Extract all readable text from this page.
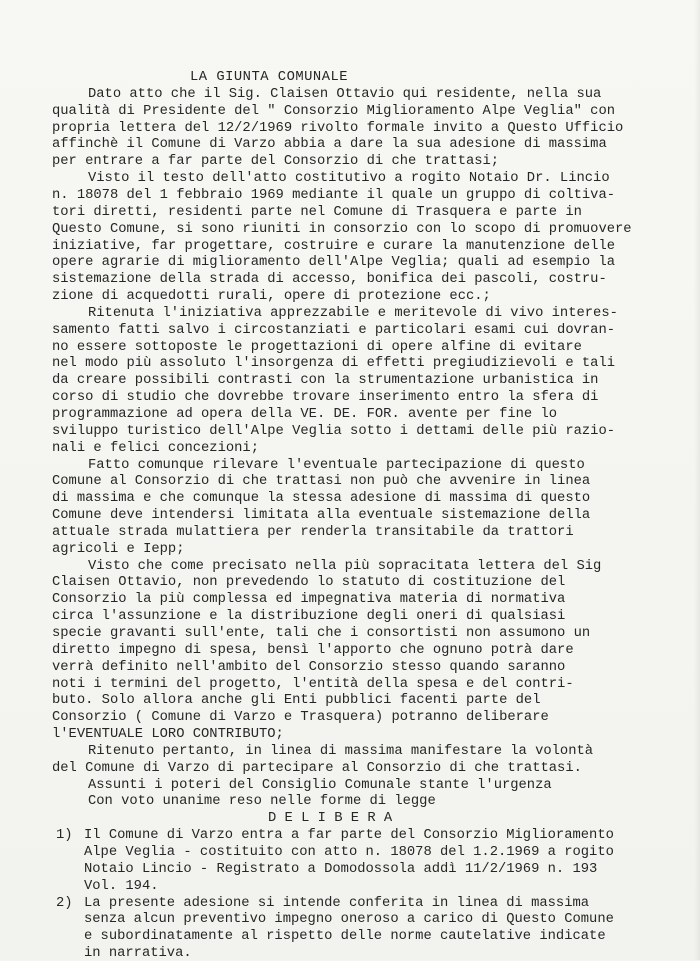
LA GIUNTA COMUNALE

Dato atto che il Sig. Claisen Ottavio qui residente, nella sua

qualità di Presidente del " Consorzio Miglioramento Alpe Veglia" con

propria lettera del 12/2/1969 rivolto formale invito a Questo Ufficio

affinchè il Comune di Varzo abbia a dare la sua adesione di massima

per entrare a far parte del Consorzio di che trattasi;

Visto il testo dell'atto costitutivo a rogito Notaio Dr. Lincio

n. 18078 del 1 febbraio 1969 mediante il quale un gruppo di coltiva-

tori diretti, residenti parte nel Comune di Trasquera e parte in

Questo Comune, si sono riuniti in consorzio con lo scopo di promuovere

iniziative, far progettare, costruire e curare la manutenzione delle

opere agrarie di miglioramento dell'Alpe Veglia; quali ad esempio la

sistemazione della strada di accesso, bonifica dei pascoli, costru-

zione di acquedotti rurali, opere di protezione ecc.;

Ritenuta l'iniziativa apprezzabile e meritevole di vivo interes-

samento fatti salvo i circostanziati e particolari esami cui dovran-

no essere sottoposte le progettazioni di opere alfine di evitare

nel modo più assoluto l'insorgenza di effetti pregiudizievoli e tali

da creare possibili contrasti con la strumentazione urbanistica in

corso di studio che dovrebbe trovare inserimento entro la sfera di

programmazione ad opera della VE. DE. FOR. avente per fine lo

sviluppo turistico dell'Alpe Veglia sotto i dettami delle più razio-

nali e felici concezioni;

Fatto comunque rilevare l'eventuale partecipazione di questo

Comune al Consorzio di che trattasi non può che avvenire in linea

di massima e che comunque la stessa adesione di massima di questo

Comune deve intendersi limitata alla eventuale sistemazione della

attuale strada mulattiera per renderla transitabile da trattori

agricoli e Iepp;

Visto che come precisato nella più sopracitata lettera del Sig

Claisen Ottavio, non prevedendo lo statuto di costituzione del

Consorzio la più complessa ed impegnativa materia di normativa

circa l'assunzione e la distribuzione degli oneri di qualsiasi

specie gravanti sull'ente, tali che i consortisti non assumono un

diretto impegno di spesa, bensì l'apporto che ognuno potrà dare

verrà definito nell'ambito del Consorzio stesso quando saranno

noti i termini del progetto, l'entità della spesa e del contri-

buto. Solo allora anche gli Enti pubblici facenti parte del

Consorzio ( Comune di Varzo e Trasquera) potranno deliberare

l'EVENTUALE LORO CONTRIBUTO;

Ritenuto pertanto, in linea di massima manifestare la volontà

del Comune di Varzo di partecipare al Consorzio di che trattasi.

Assunti i poteri del Consiglio Comunale stante l'urgenza

Con voto unanime reso nelle forme di legge

D E L I B E R A

1)

Il Comune di Varzo entra a far parte del Consorzio Miglioramento

Alpe Veglia - costituito con atto n. 18078 del 1.2.1969 a rogito

Notaio Lincio - Registrato a Domodossola addì 11/2/1969 n. 193

Vol. 194.

2) La presente adesione si intende conferita in linea di massima
senza alcun preventivo impegno oneroso a carico di Questo Comune
e subordinatamente al rispetto delle norme cautelative indicate
in narrativa.
